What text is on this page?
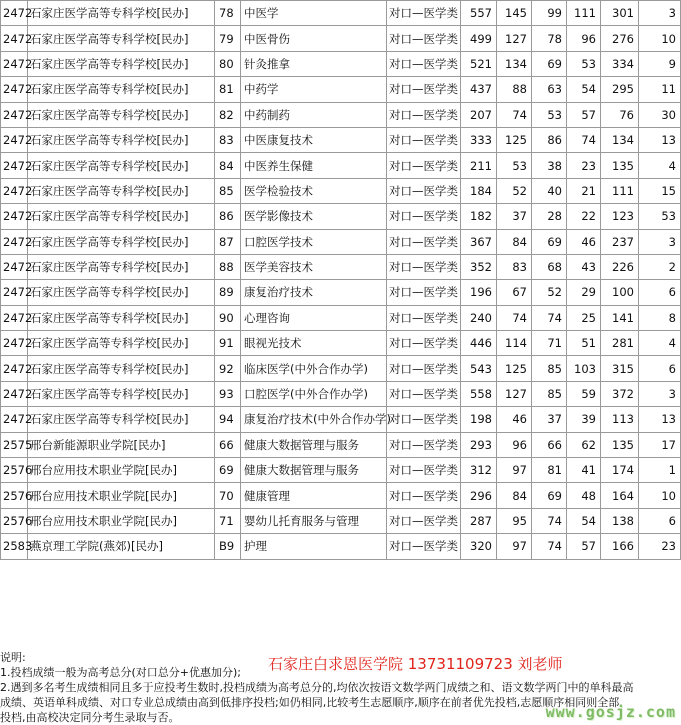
2472	石家庄医学高等专科学校[民办]	78	中医学	对口—医学类	557	145	99	111	301	3
2472	石家庄医学高等专科学校[民办]	79	中医骨伤	对口—医学类	499	127	78	96	276	10
2472	石家庄医学高等专科学校[民办]	80	针灸推拿	对口—医学类	521	134	69	53	334	9
2472	石家庄医学高等专科学校[民办]	81	中药学	对口—医学类	437	88	63	54	295	11
2472	石家庄医学高等专科学校[民办]	82	中药制药	对口—医学类	207	74	53	57	76	30
2472	石家庄医学高等专科学校[民办]	83	中医康复技术	对口—医学类	333	125	86	74	134	13
2472	石家庄医学高等专科学校[民办]	84	中医养生保健	对口—医学类	211	53	38	23	135	4
2472	石家庄医学高等专科学校[民办]	85	医学检验技术	对口—医学类	184	52	40	21	111	15
2472	石家庄医学高等专科学校[民办]	86	医学影像技术	对口—医学类	182	37	28	22	123	53
2472	石家庄医学高等专科学校[民办]	87	口腔医学技术	对口—医学类	367	84	69	46	237	3
2472	石家庄医学高等专科学校[民办]	88	医学美容技术	对口—医学类	352	83	68	43	226	2
2472	石家庄医学高等专科学校[民办]	89	康复治疗技术	对口—医学类	196	67	52	29	100	6
2472	石家庄医学高等专科学校[民办]	90	心理咨询	对口—医学类	240	74	74	25	141	8
2472	石家庄医学高等专科学校[民办]	91	眼视光技术	对口—医学类	446	114	71	51	281	4
2472	石家庄医学高等专科学校[民办]	92	临床医学(中外合作办学)	对口—医学类	543	125	85	103	315	6
2472	石家庄医学高等专科学校[民办]	93	口腔医学(中外合作办学)	对口—医学类	558	127	85	59	372	3
2472	石家庄医学高等专科学校[民办]	94	康复治疗技术(中外合作办学)	对口—医学类	198	46	37	39	113	13
2575	邢台新能源职业学院[民办]	66	健康大数据管理与服务	对口—医学类	293	96	66	62	135	17
2576	邢台应用技术职业学院[民办]	69	健康大数据管理与服务	对口—医学类	312	97	81	41	174	1
2576	邢台应用技术职业学院[民办]	70	健康管理	对口—医学类	296	84	69	48	164	10
2576	邢台应用技术职业学院[民办]	71	婴幼儿托育服务与管理	对口—医学类	287	95	74	54	138	6
2583	燕京理工学院(燕郊)[民办]	B9	护理	对口—医学类	320	97	74	57	166	23
说明:
1.投档成绩一般为高考总分(对口总分+优惠加分);
2.遇到多名考生成绩相同且多于应投考生数时,投档成绩为高考总分的,均依次按语文数学两门成绩之和、语文数学两门中的单科最高
成绩、英语单科成绩、对口专业总成绩由高到低排序投档;如仍相同,比较考生志愿顺序,顺序在前者优先投档,志愿顺序相同则全部
投档,由高校决定同分考生录取与否。
石家庄白求恩医学院 13731109723 刘老师
www.gosjz.com
